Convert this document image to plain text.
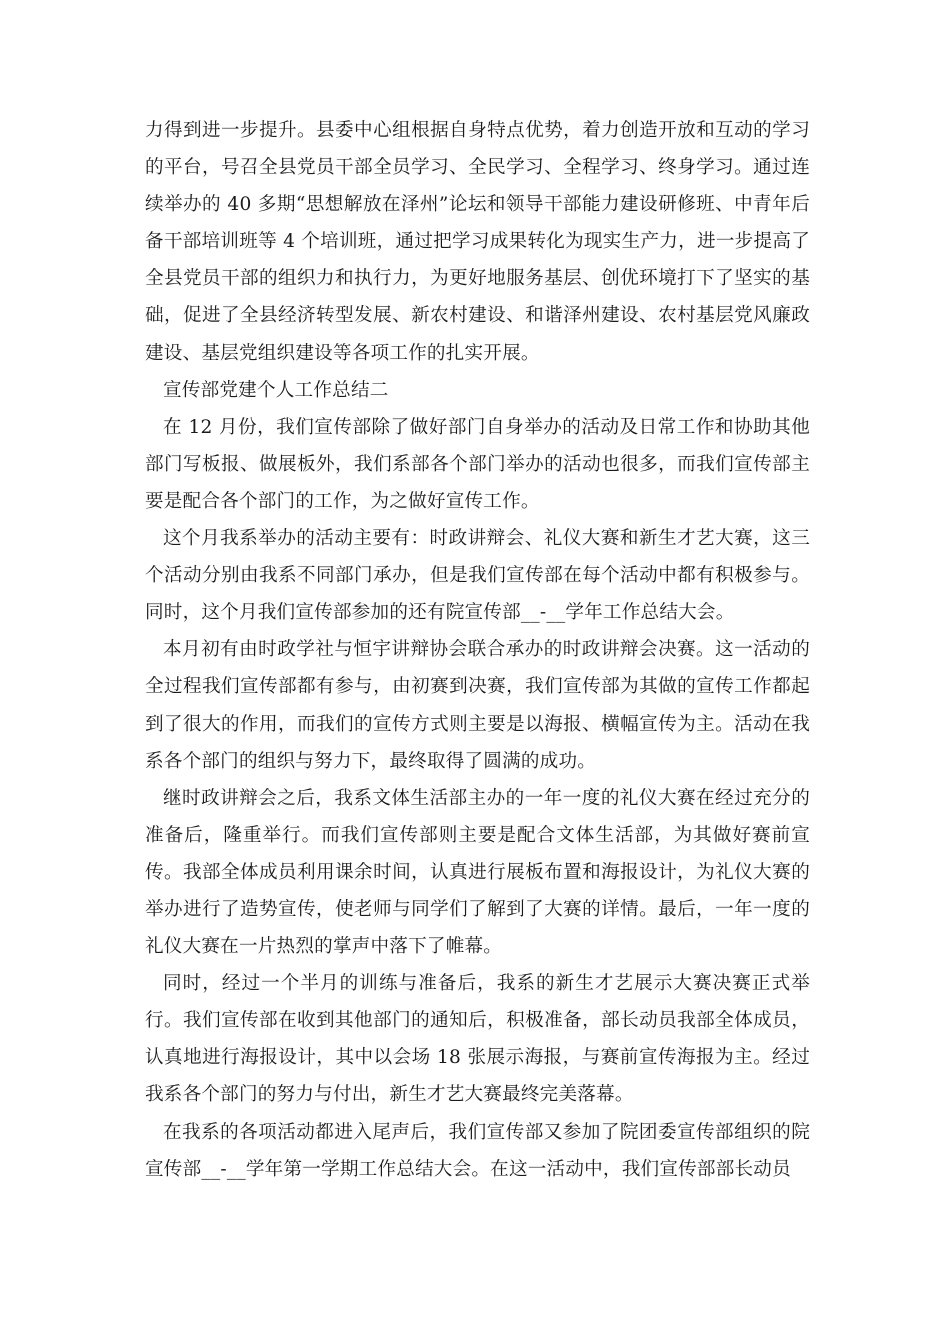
力得到进一步提升。县委中心组根据自身特点优势，着力创造开放和互动的学习的平台，号召全县党员干部全员学习、全民学习、全程学习、终身学习。通过连续举办的 40 多期“思想解放在泽州”论坛和领导干部能力建设研修班、中青年后备干部培训班等 4 个培训班，通过把学习成果转化为现实生产力，进一步提高了全县党员干部的组织力和执行力，为更好地服务基层、创优环境打下了坚实的基础，促进了全县经济转型发展、新农村建设、和谐泽州建设、农村基层党风廉政建设、基层党组织建设等各项工作的扎实开展。

宣传部党建个人工作总结二

在 12 月份，我们宣传部除了做好部门自身举办的活动及日常工作和协助其他部门写板报、做展板外，我们系部各个部门举办的活动也很多，而我们宣传部主要是配合各个部门的工作，为之做好宣传工作。

这个月我系举办的活动主要有：时政讲辩会、礼仪大赛和新生才艺大赛，这三个活动分别由我系不同部门承办，但是我们宣传部在每个活动中都有积极参与。同时，这个月我们宣传部参加的还有院宣传部__-__学年工作总结大会。

本月初有由时政学社与恒宇讲辩协会联合承办的时政讲辩会决赛。这一活动的全过程我们宣传部都有参与，由初赛到决赛，我们宣传部为其做的宣传工作都起到了很大的作用，而我们的宣传方式则主要是以海报、横幅宣传为主。活动在我系各个部门的组织与努力下，最终取得了圆满的成功。

继时政讲辩会之后，我系文体生活部主办的一年一度的礼仪大赛在经过充分的准备后，隆重举行。而我们宣传部则主要是配合文体生活部，为其做好赛前宣传。我部全体成员利用课余时间，认真进行展板布置和海报设计，为礼仪大赛的举办进行了造势宣传，使老师与同学们了解到了大赛的详情。最后，一年一度的礼仪大赛在一片热烈的掌声中落下了帷幕。

同时，经过一个半月的训练与准备后，我系的新生才艺展示大赛决赛正式举行。我们宣传部在收到其他部门的通知后，积极准备，部长动员我部全体成员，认真地进行海报设计，其中以会场 18 张展示海报，与赛前宣传海报为主。经过我系各个部门的努力与付出，新生才艺大赛最终完美落幕。

在我系的各项活动都进入尾声后，我们宣传部又参加了院团委宣传部组织的院宣传部__-__学年第一学期工作总结大会。在这一活动中，我们宣传部部长动员
